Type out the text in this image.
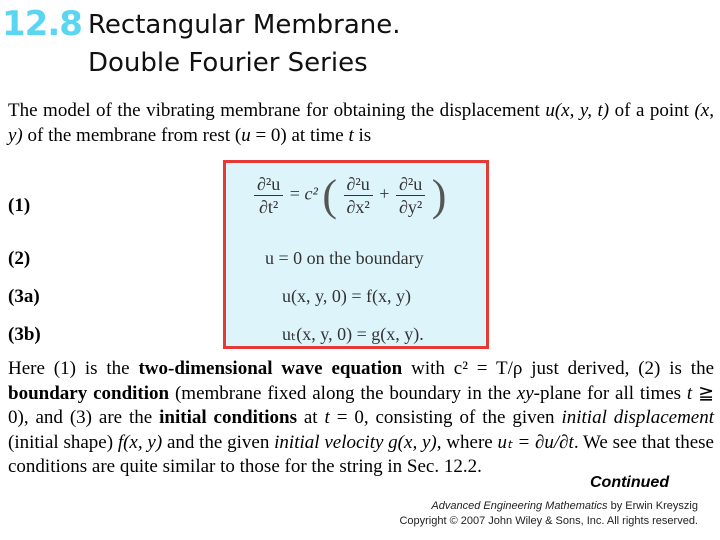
12.8 Rectangular Membrane.
Double Fourier Series
The model of the vibrating membrane for obtaining the displacement u(x, y, t) of a point (x, y) of the membrane from rest (u = 0) at time t is
(1)
(2)
(3a)
(3b)
$\frac{\text{∂²u}}{\text{∂t²}} = c^2$ ( $\frac{\text{∂²u}}{\text{∂x²}} + \frac{\text{∂²u}}{\text{∂y²}}$ )
u = 0 on the boundary
u(x, y, 0) = f(x, y)
uₜ(x, y, 0) = g(x, y).
Here (1) is the two-dimensional wave equation with c² = T/ρ just derived, (2) is the boundary condition (membrane fixed along the boundary in the xy-plane for all times t ≧ 0), and (3) are the initial conditions at t = 0, consisting of the given initial displacement (initial shape) f(x, y) and the given initial velocity g(x, y), where uₜ = ∂u/∂t. We see that these conditions are quite similar to those for the string in Sec. 12.2.
Continued
Advanced Engineering Mathematics by Erwin Kreyszig
Copyright © 2007 John Wiley & Sons, Inc. All rights reserved.
